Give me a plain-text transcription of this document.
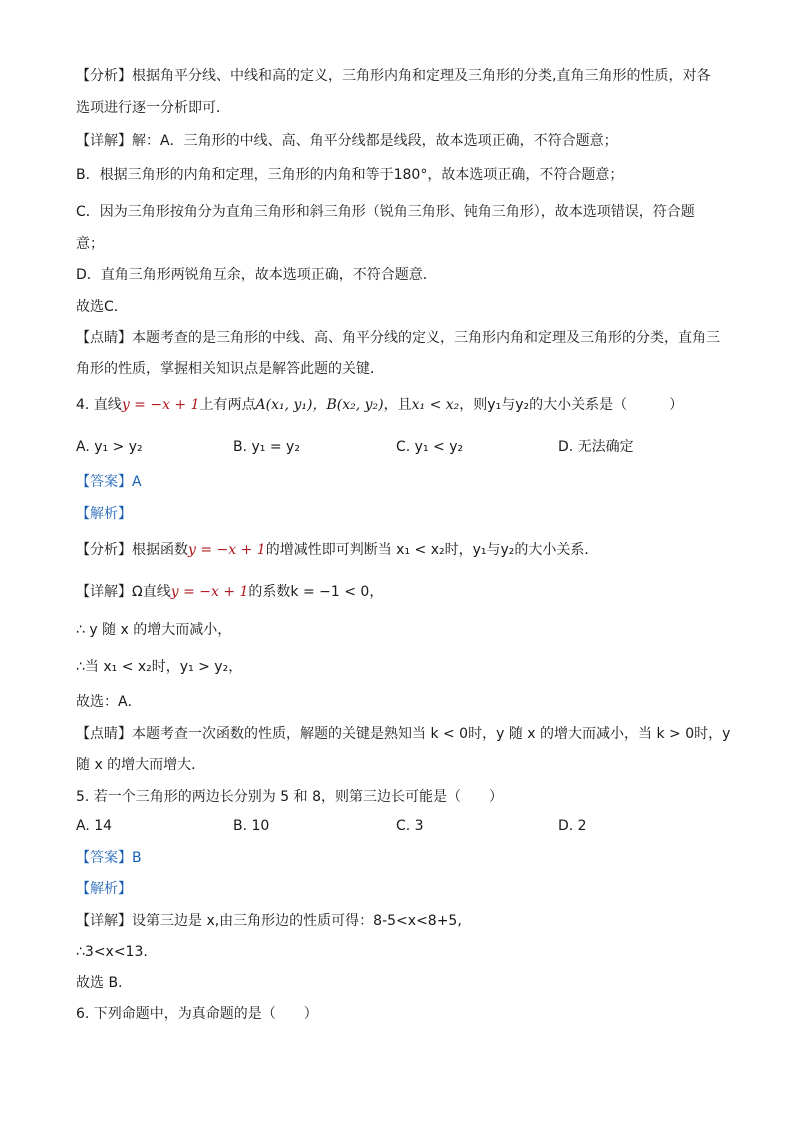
【分析】根据角平分线、中线和高的定义，三角形内角和定理及三角形的分类,直角三角形的性质，对各
选项进行逐一分析即可．
【详解】解：A．三角形的中线、高、角平分线都是线段，故本选项正确，不符合题意；
B．根据三角形的内角和定理，三角形的内角和等于180°，故本选项正确，不符合题意；
C．因为三角形按角分为直角三角形和斜三角形（锐角三角形、钝角三角形），故本选项错误，符合题
意；
D．直角三角形两锐角互余，故本选项正确，不符合题意．
故选C．
【点睛】本题考查的是三角形的中线、高、角平分线的定义，三角形内角和定理及三角形的分类，直角三
角形的性质，掌握相关知识点是解答此题的关键．
4. 直线y = −x + 1上有两点A(x₁, y₁)，B(x₂, y₂)，且x₁ < x₂，则y₁与y₂的大小关系是（　　　）
A. y₁ > y₂	B. y₁ = y₂	C. y₁ < y₂	D. 无法确定
【答案】A
【解析】
【分析】根据函数y = −x + 1的增减性即可判断当 x₁ < x₂时，y₁与y₂的大小关系．
【详解】Ω直线y = −x + 1的系数k = −1 < 0，
∴ y 随 x 的增大而减小，
∴当 x₁ < x₂时，y₁ > y₂，
故选：A．
【点睛】本题考查一次函数的性质，解题的关键是熟知当 k < 0时，y 随 x 的增大而减小，当 k > 0时，y
随 x 的增大而增大．
5. 若一个三角形的两边长分别为 5 和 8，则第三边长可能是（　　）
A. 14	B. 10	C. 3	D. 2
【答案】B
【解析】
【详解】设第三边是 x,由三角形边的性质可得：8-5<x<8+5,
∴3<x<13.
故选 B.
6. 下列命题中，为真命题的是（　　）
